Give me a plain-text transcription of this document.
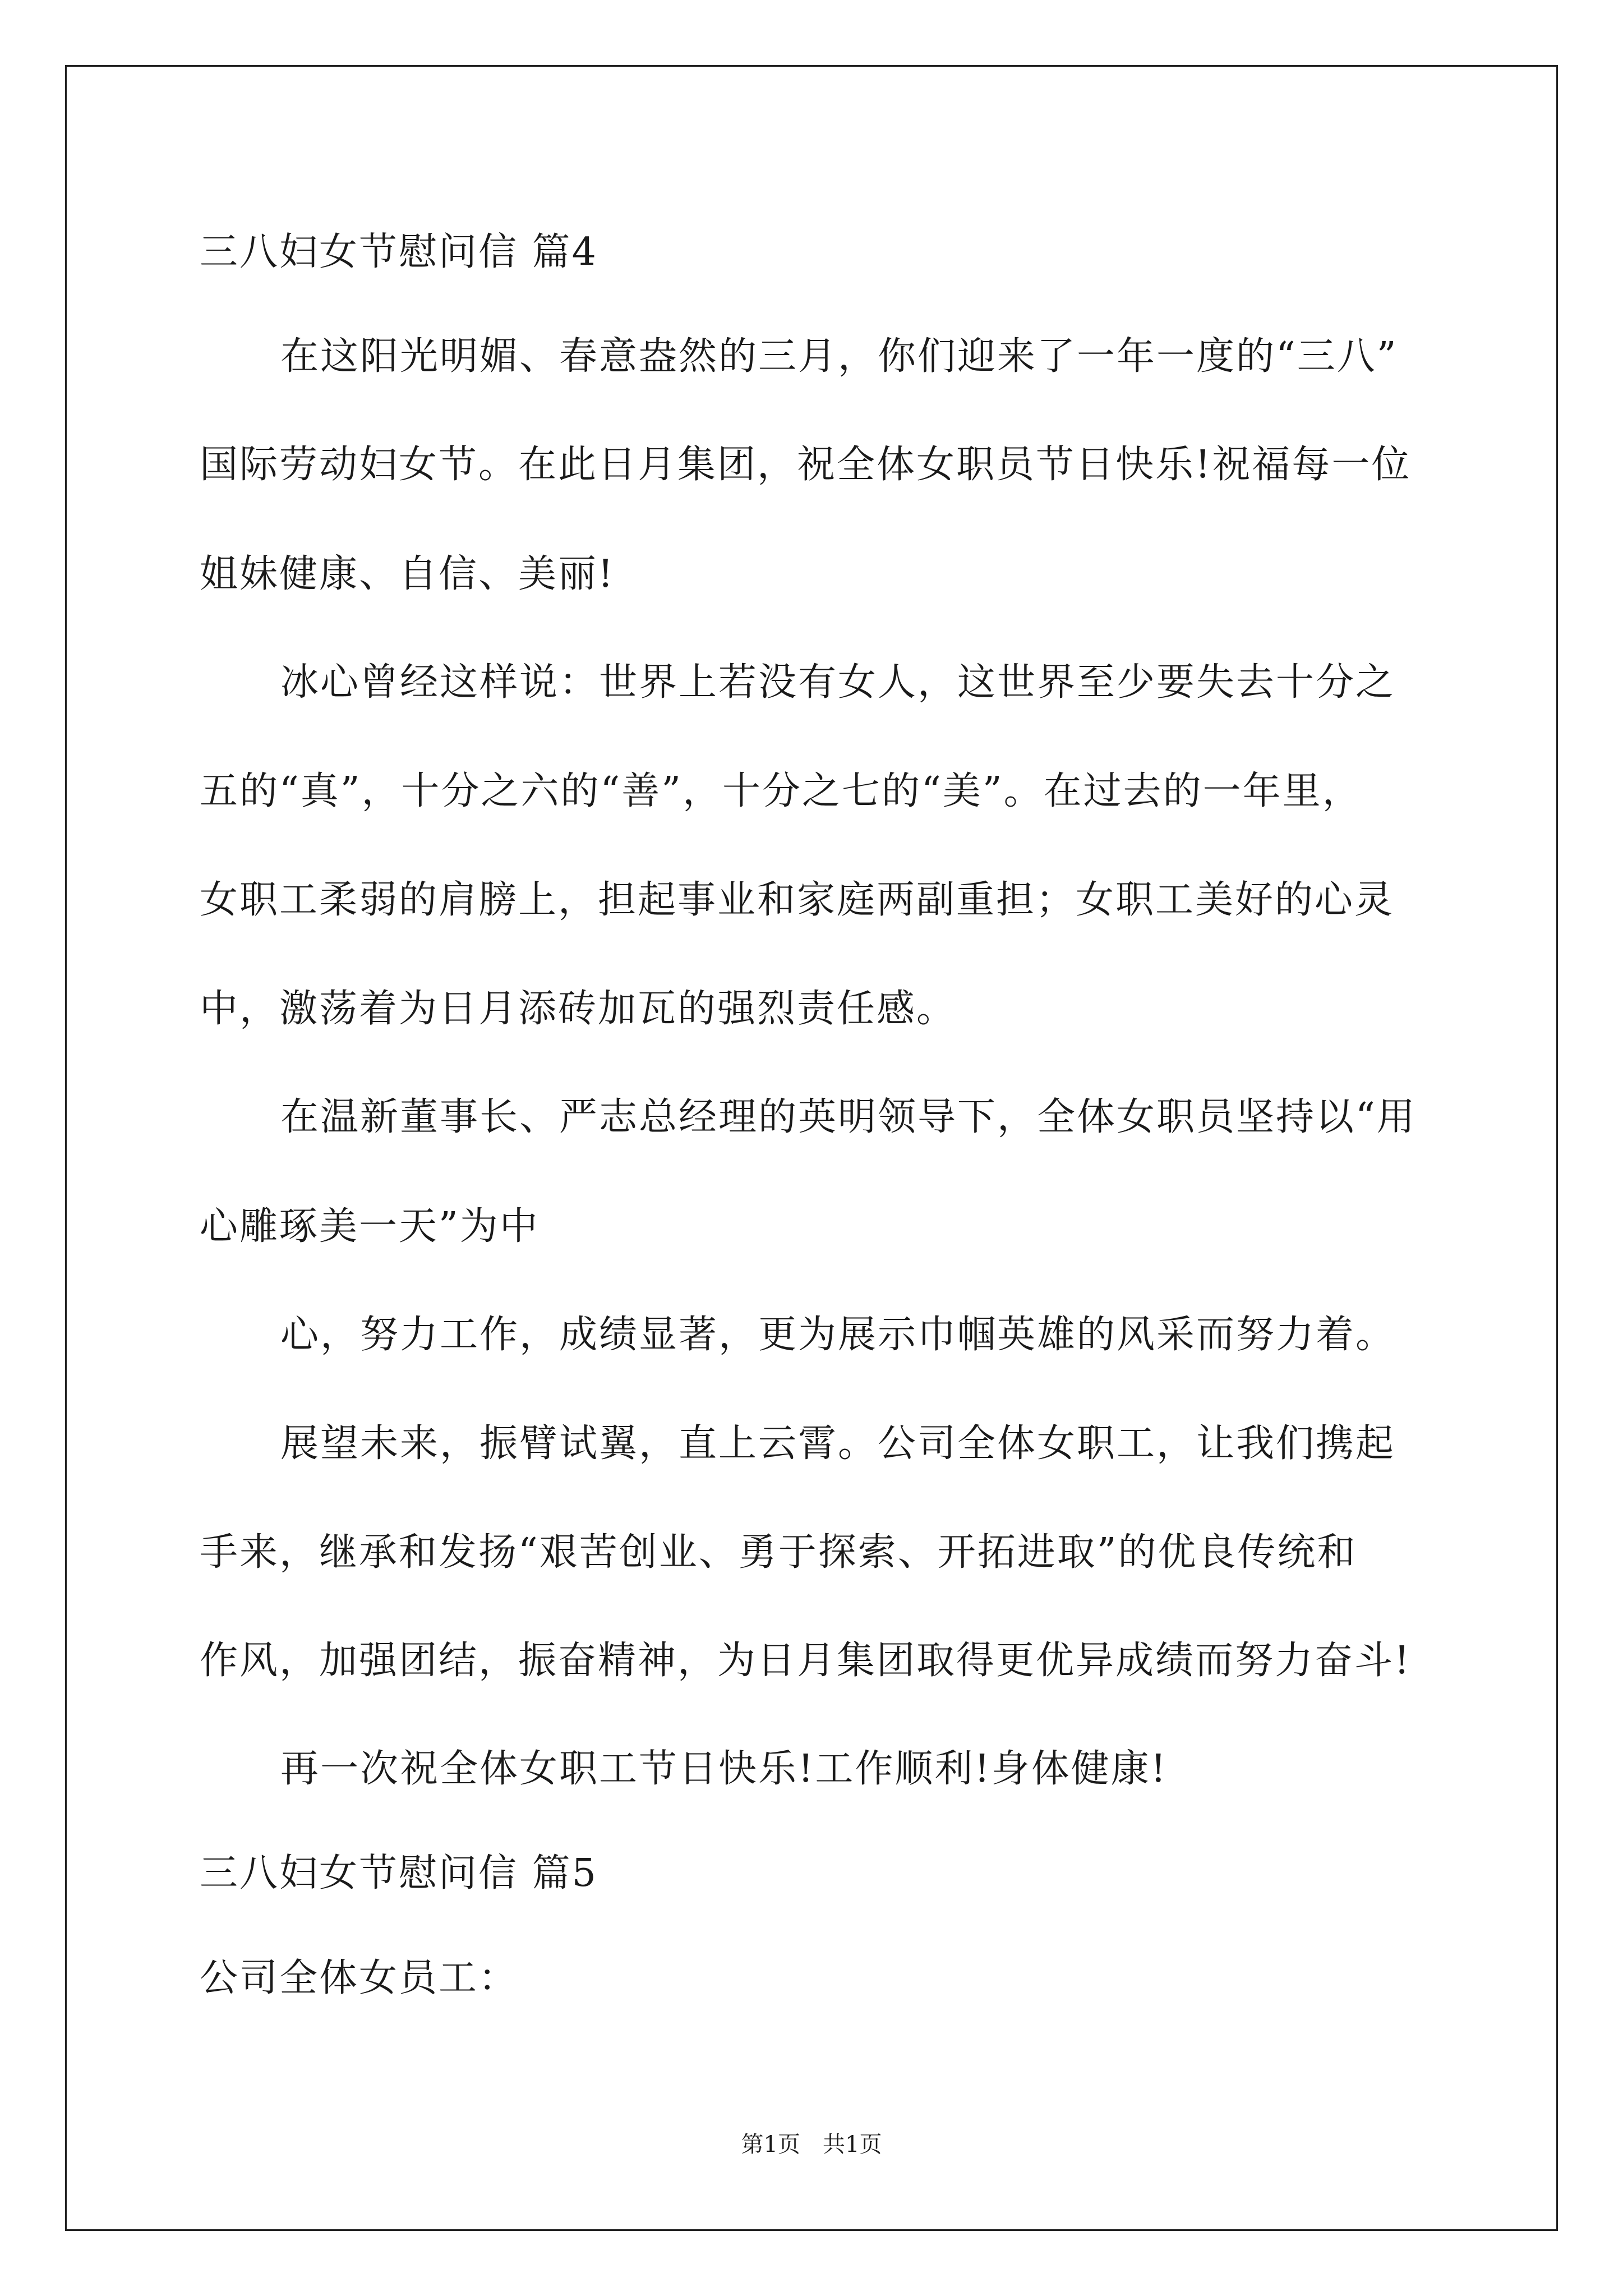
三八妇女节慰问信 篇4
在这阳光明媚、春意盎然的三月，你们迎来了一年一度的“三八”
国际劳动妇女节。在此日月集团，祝全体女职员节日快乐!祝福每一位
姐妹健康、自信、美丽!
冰心曾经这样说：世界上若没有女人，这世界至少要失去十分之
五的“真”，十分之六的“善”，十分之七的“美”。在过去的一年里，
女职工柔弱的肩膀上，担起事业和家庭两副重担；女职工美好的心灵
中，激荡着为日月添砖加瓦的强烈责任感。
在温新董事长、严志总经理的英明领导下，全体女职员坚持以“用
心雕琢美一天”为中
心，努力工作，成绩显著，更为展示巾帼英雄的风采而努力着。
展望未来，振臂试翼，直上云霄。公司全体女职工，让我们携起
手来，继承和发扬“艰苦创业、勇于探索、开拓进取”的优良传统和
作风，加强团结，振奋精神，为日月集团取得更优异成绩而努力奋斗!
再一次祝全体女职工节日快乐!工作顺利!身体健康!
三八妇女节慰问信 篇5
公司全体女员工：
第1页　共1页
